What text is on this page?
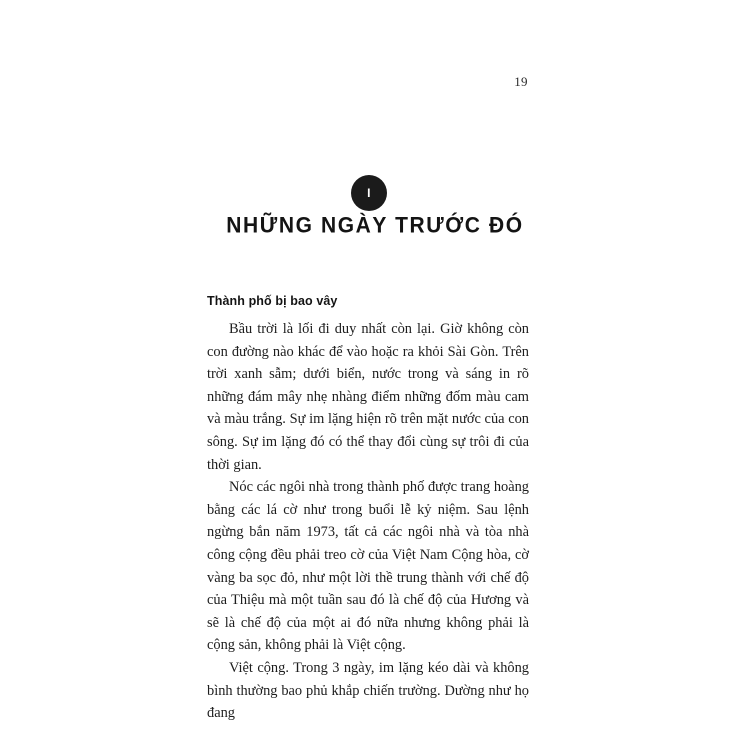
19
I
NHỮNG NGÀY TRƯỚC ĐÓ
Thành phố bị bao vây

Bầu trời là lối đi duy nhất còn lại. Giờ không còn con đường nào khác để vào hoặc ra khỏi Sài Gòn. Trên trời xanh sẫm; dưới biển, nước trong và sáng in rõ những đám mây nhẹ nhàng điểm những đốm màu cam và màu trắng. Sự im lặng hiện rõ trên mặt nước của con sông. Sự im lặng đó có thể thay đổi cùng sự trôi đi của thời gian.

Nóc các ngôi nhà trong thành phố được trang hoàng bằng các lá cờ như trong buổi lễ kỷ niệm. Sau lệnh ngừng bắn năm 1973, tất cả các ngôi nhà và tòa nhà công cộng đều phải treo cờ của Việt Nam Cộng hòa, cờ vàng ba sọc đỏ, như một lời thề trung thành với chế độ của Thiệu mà một tuần sau đó là chế độ của Hương và sẽ là chế độ của một ai đó nữa nhưng không phải là cộng sản, không phải là Việt cộng.

Việt cộng. Trong 3 ngày, im lặng kéo dài và không bình thường bao phủ khắp chiến trường. Dường như họ đang
